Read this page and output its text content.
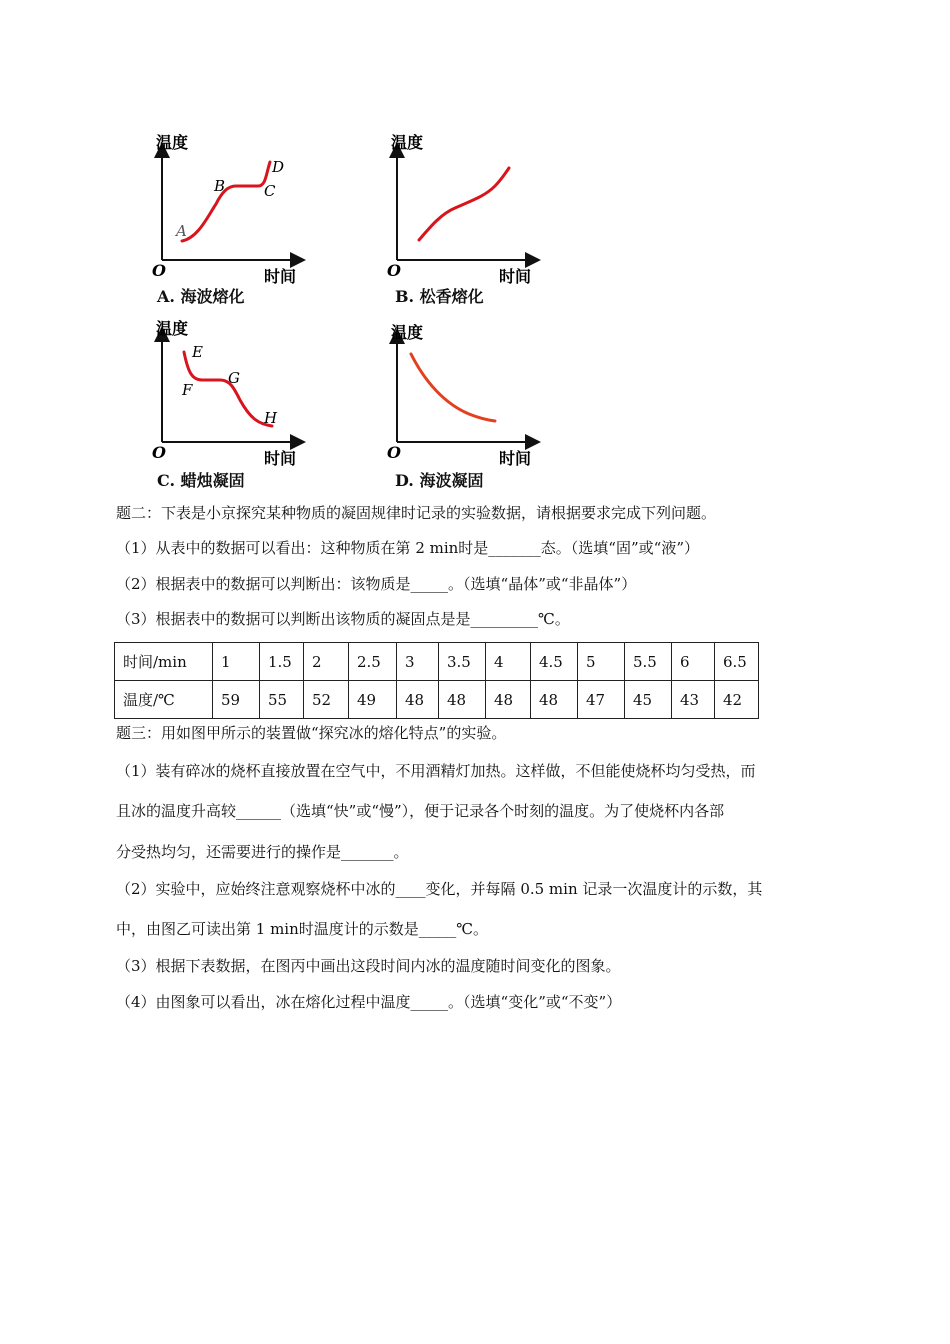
温度
O	时间
A
B	C
D
A. 海波熔化
温度
O	时间
B. 松香熔化
温度
O	时间
E
F
G
H
C. 蜡烛凝固
温度
O	时间
D. 海波凝固
题二：下表是小京探究某种物质的凝固规律时记录的实验数据，请根据要求完成下列问题。
（1）从表中的数据可以看出：这种物质在第 2 min时是_______态。（选填“固”或“液”）
（2）根据表中的数据可以判断出：该物质是_____。（选填“晶体”或“非晶体”）
（3）根据表中的数据可以判断出该物质的凝固点是是_________℃。
时间/min	1	1.5	2	2.5	3	3.5	4	4.5	5	5.5	6	6.5
温度/℃	59	55	52	49	48	48	48	48	47	45	43	42
题三：用如图甲所示的装置做“探究冰的熔化特点”的实验。
（1）装有碎冰的烧杯直接放置在空气中，不用酒精灯加热。这样做，不但能使烧杯均匀受热，而
且冰的温度升高较______（选填“快”或“慢”），便于记录各个时刻的温度。为了使烧杯内各部
分受热均匀，还需要进行的操作是_______。
（2）实验中，应始终注意观察烧杯中冰的____变化，并每隔 0.5 min 记录一次温度计的示数，其
中，由图乙可读出第 1 min时温度计的示数是_____℃。
（3）根据下表数据，在图丙中画出这段时间内冰的温度随时间变化的图象。
（4）由图象可以看出，冰在熔化过程中温度_____。（选填“变化”或“不变”）
